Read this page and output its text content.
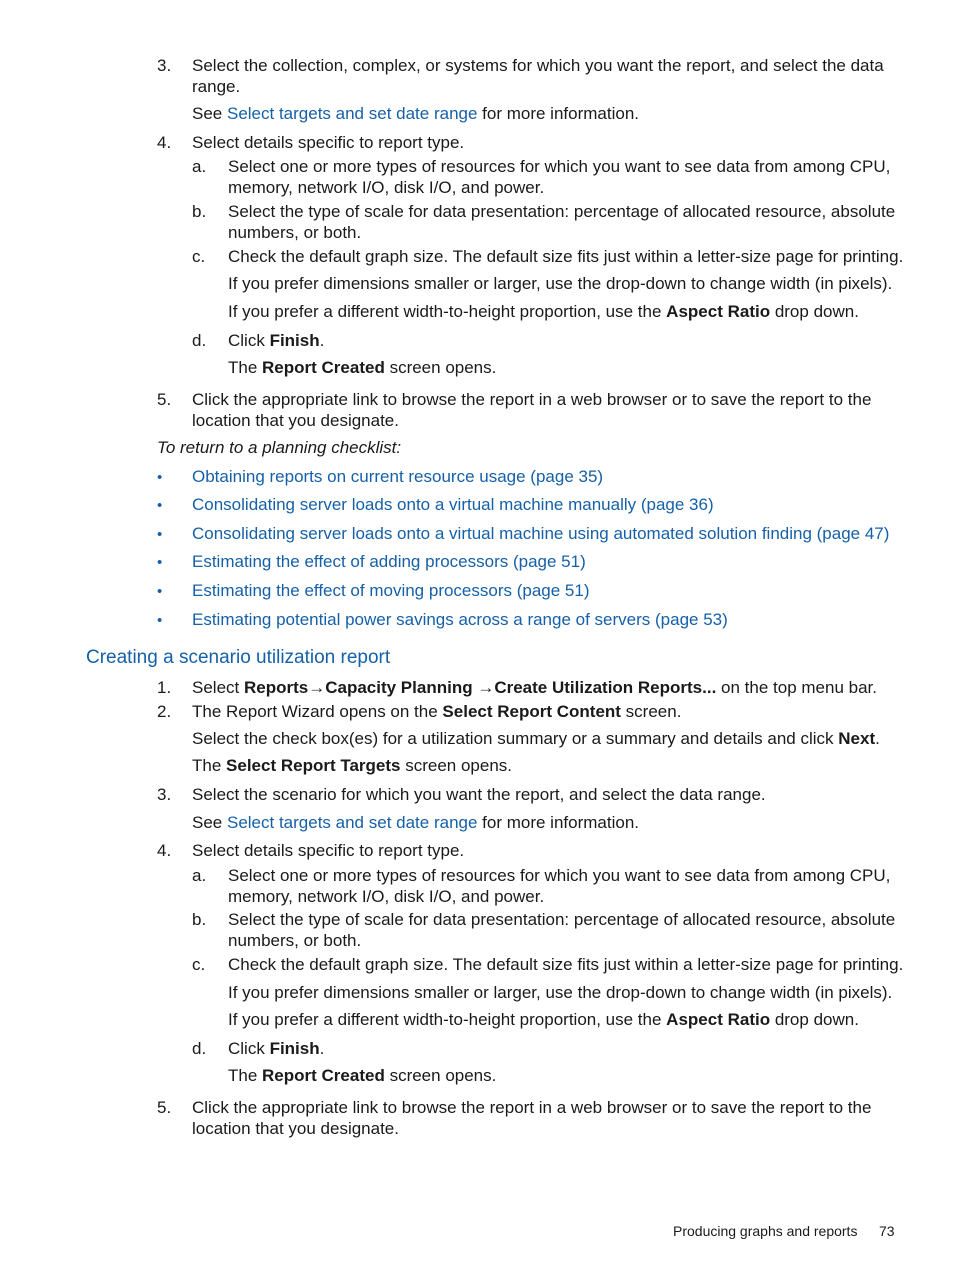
3. Select the collection, complex, or systems for which you want the report, and select the data
range.
See Select targets and set date range for more information.
4. Select details specific to report type.
a. Select one or more types of resources for which you want to see data from among CPU,
memory, network I/O, disk I/O, and power.
b. Select the type of scale for data presentation: percentage of allocated resource, absolute
numbers, or both.
c. Check the default graph size. The default size fits just within a letter-size page for printing.
If you prefer dimensions smaller or larger, use the drop-down to change width (in pixels).
If you prefer a different width-to-height proportion, use the Aspect Ratio drop down.
d. Click Finish.
The Report Created screen opens.
5. Click the appropriate link to browse the report in a web browser or to save the report to the
location that you designate.
To return to a planning checklist:
• Obtaining reports on current resource usage (page 35)
• Consolidating server loads onto a virtual machine manually (page 36)
• Consolidating server loads onto a virtual machine using automated solution finding (page 47)
• Estimating the effect of adding processors (page 51)
• Estimating the effect of moving processors (page 51)
• Estimating potential power savings across a range of servers (page 53)
Creating a scenario utilization report
1. Select Reports→Capacity Planning →Create Utilization Reports... on the top menu bar.
2. The Report Wizard opens on the Select Report Content screen.
Select the check box(es) for a utilization summary or a summary and details and click Next.
The Select Report Targets screen opens.
3. Select the scenario for which you want the report, and select the data range.
See Select targets and set date range for more information.
4. Select details specific to report type.
a. Select one or more types of resources for which you want to see data from among CPU,
memory, network I/O, disk I/O, and power.
b. Select the type of scale for data presentation: percentage of allocated resource, absolute
numbers, or both.
c. Check the default graph size. The default size fits just within a letter-size page for printing.
If you prefer dimensions smaller or larger, use the drop-down to change width (in pixels).
If you prefer a different width-to-height proportion, use the Aspect Ratio drop down.
d. Click Finish.
The Report Created screen opens.
5. Click the appropriate link to browse the report in a web browser or to save the report to the
location that you designate.
Producing graphs and reports 73
